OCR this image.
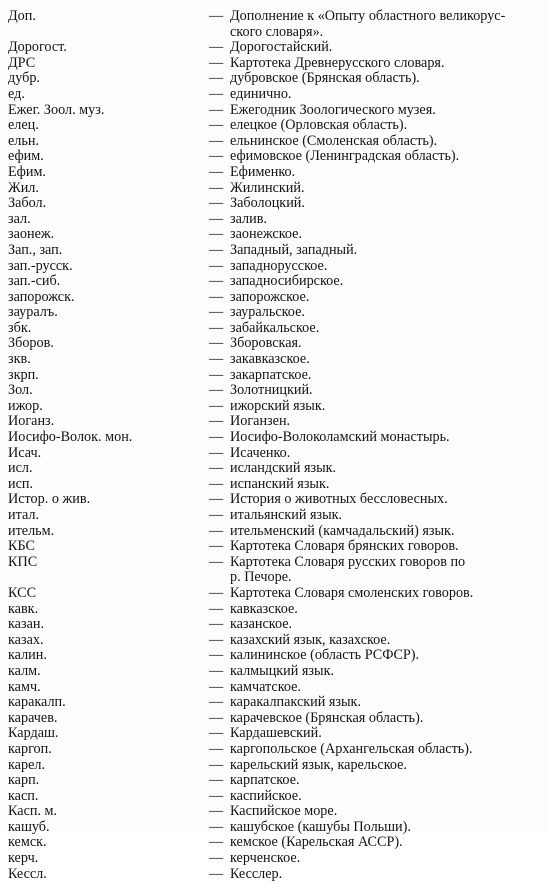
Доп.	— Дополнение к «Опыту областного великорус-
ского словаря».
Дорогост.	— Дорогостайский.
ДРС	— Картотека Древнерусского словаря.
дубр.	— дубровское (Брянская область).
ед.	— единично.
Ежег. Зоол. муз.	— Ежегодник Зоологического музея.
елец.	— елецкое (Орловская область).
ельн.	— ельнинское (Смоленская область).
ефим.	— ефимовское (Ленинградская область).
Ефим.	— Ефименко.
Жил.	— Жилинский.
Забол.	— Заболоцкий.
зал.	— залив.
заонеж.	— заонежское.
Зап., зап.	— Западный, западный.
зап.-русск.	— западнорусское.
зап.-сиб.	— западносибирское.
запорожск.	— запорожское.
зауралъ.	— зауральское.
збк.	— забайкальское.
Зборов.	— Зборовская.
зкв.	— закавказское.
зкрп.	— закарпатское.
Зол.	— Золотницкий.
ижор.	— ижорский язык.
Иоганз.	— Иоганзен.
Иосифо-Волок. мон.	— Иосифо-Волоколамский монастырь.
Исач.	— Исаченко.
исл.	— исландский язык.
исп.	— испанский язык.
Истор. о жив.	— История о животных бессловесных.
итал.	— итальянский язык.
ительм.	— ительменский (камчадальский) язык.
КБС	— Картотека Словаря брянских говоров.
КПС	— Картотека Словаря русских говоров по
р. Печоре.
КСС	— Картотека Словаря смоленских говоров.
кавк.	— кавказское.
казан.	— казанское.
казах.	— казахский язык, казахское.
калин.	— калининское (область РСФСР).
калм.	— калмыцкий язык.
камч.	— камчатское.
каракалп.	— каракалпакский язык.
карачев.	— карачевское (Брянская область).
Кардаш.	— Кардашевский.
каргоп.	— каргопольское (Архангельская область).
карел.	— карельский язык, карельское.
карп.	— карпатское.
касп.	— каспийское.
Касп. м.	— Каспийское море.
кашуб.	— кашубское (кашубы Польши).
кемск.	— кемское (Карельская АССР).
керч.	— керченское.
Кессл.	— Кесслер.
